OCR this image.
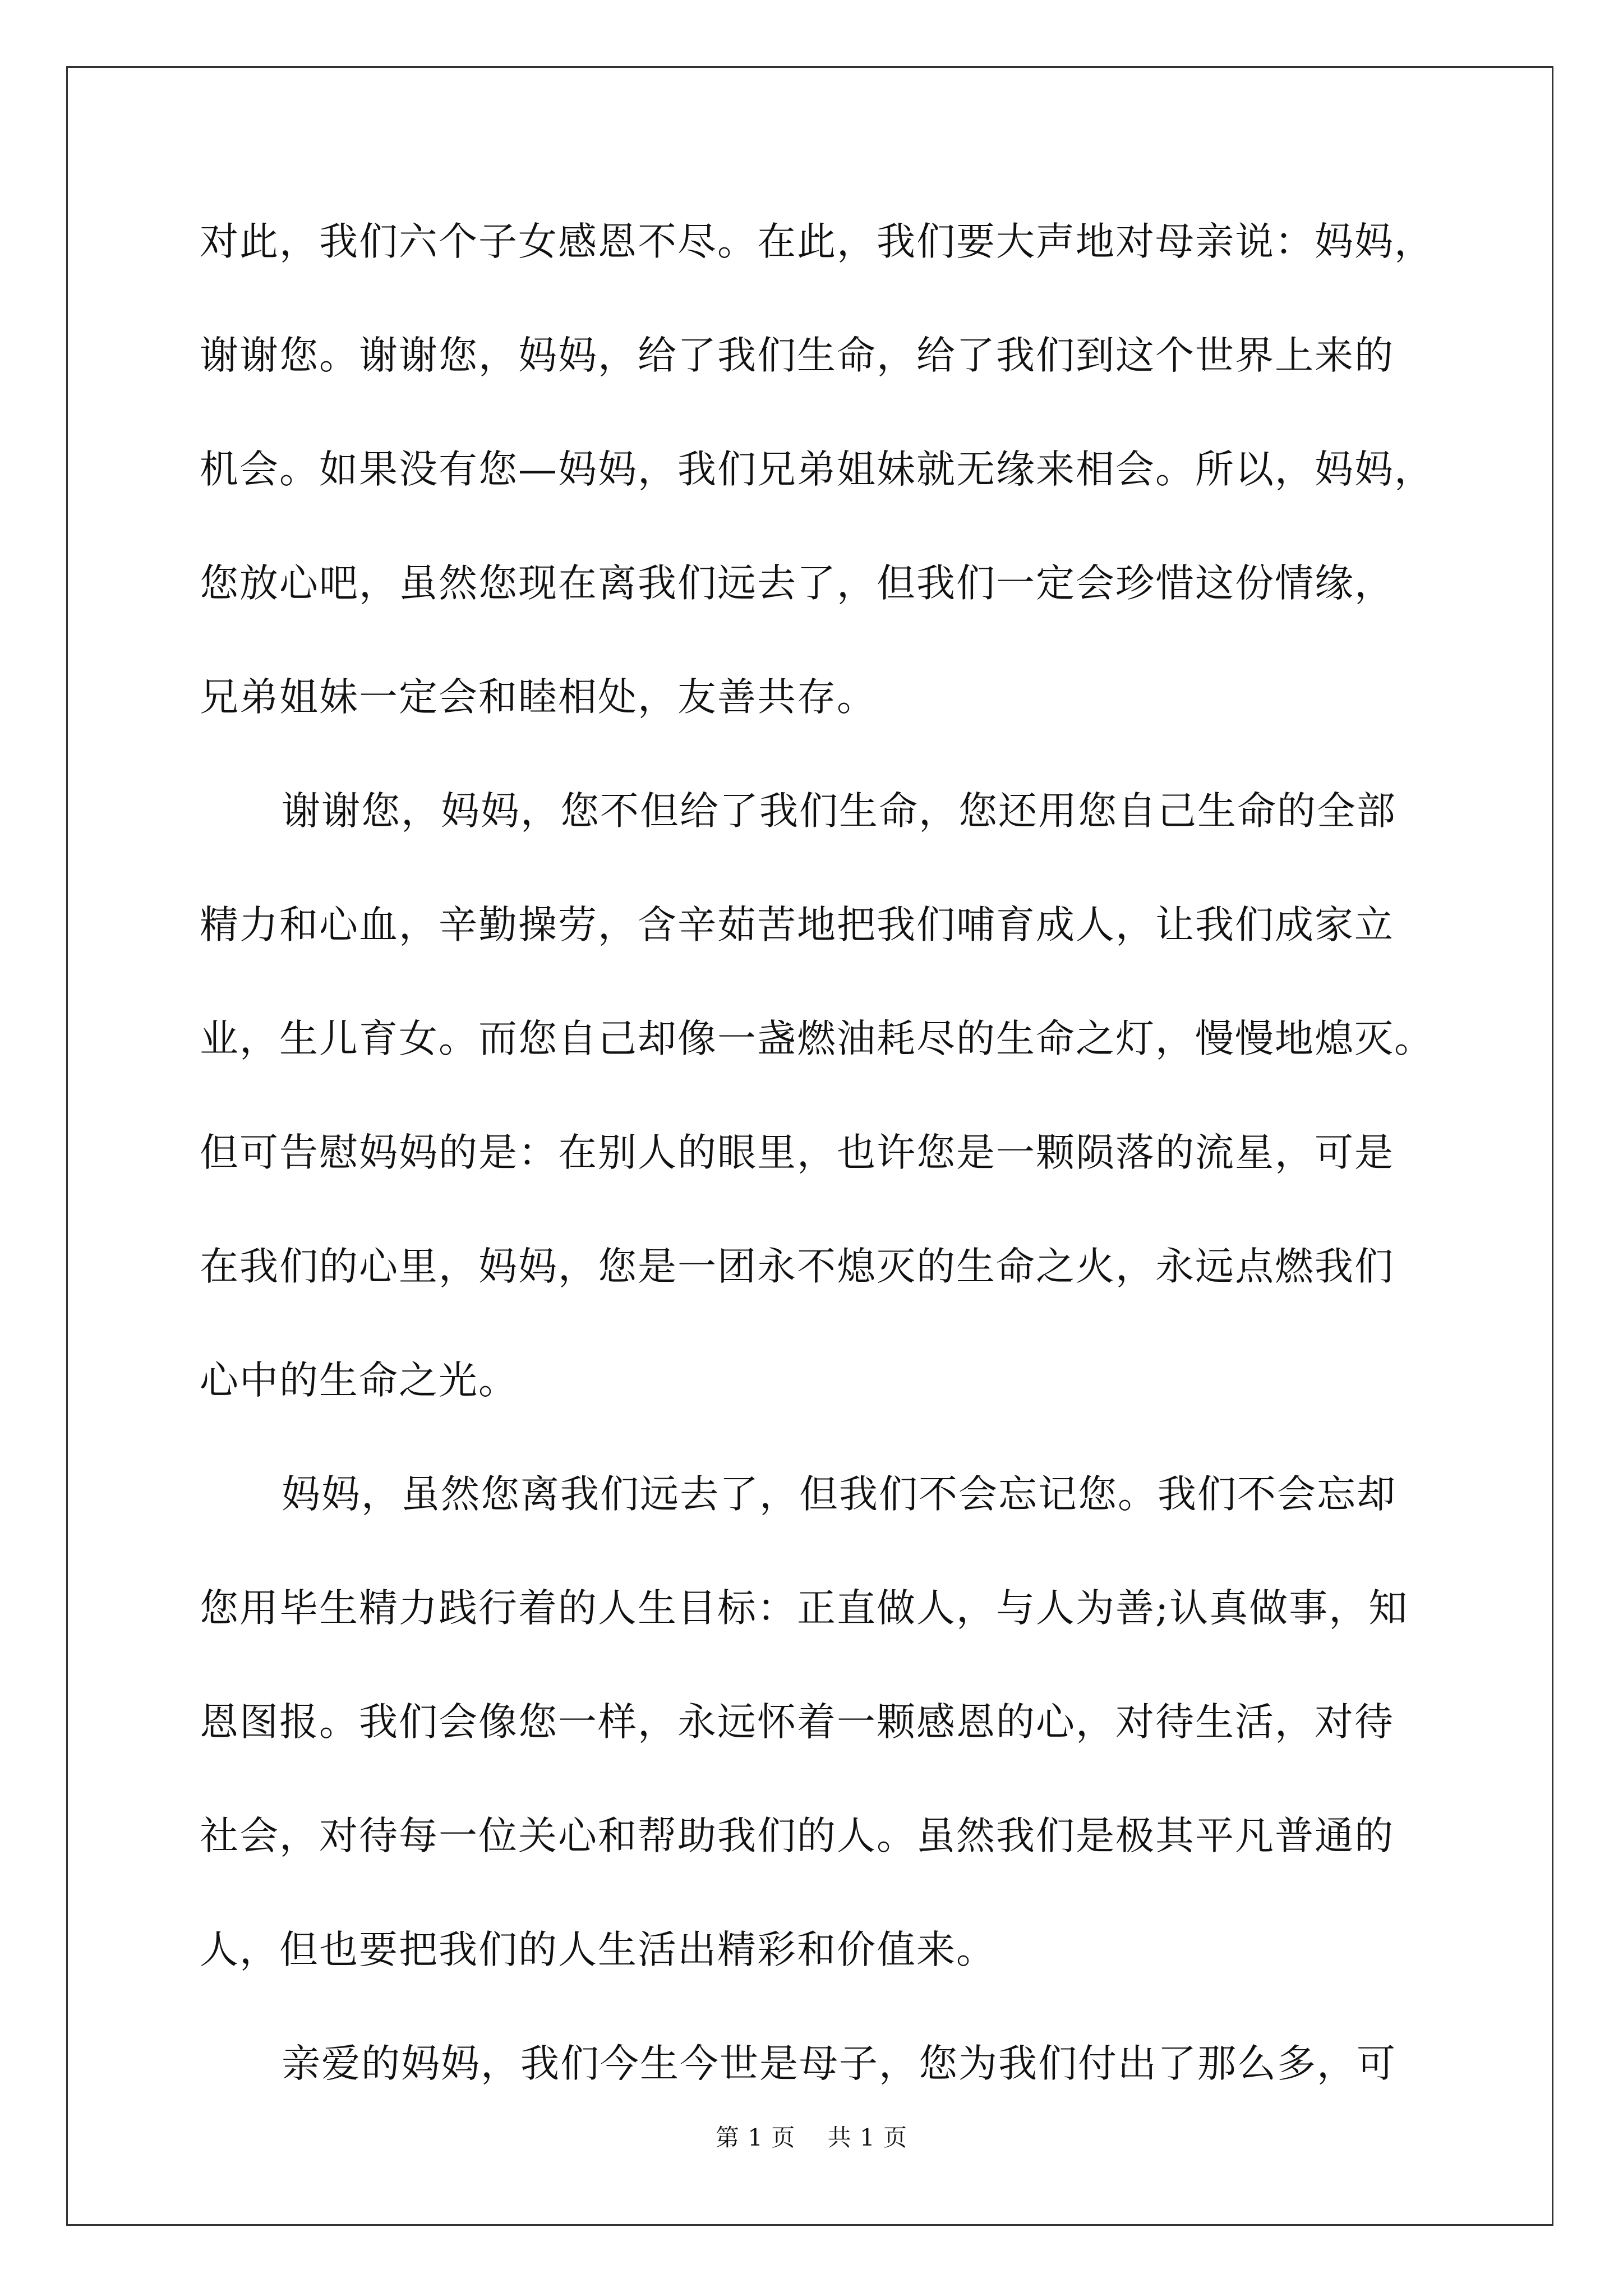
对此，我们六个子女感恩不尽。在此，我们要大声地对母亲说：妈妈，
谢谢您。谢谢您，妈妈，给了我们生命，给了我们到这个世界上来的
机会。如果没有您—妈妈，我们兄弟姐妹就无缘来相会。所以，妈妈，
您放心吧，虽然您现在离我们远去了，但我们一定会珍惜这份情缘，
兄弟姐妹一定会和睦相处，友善共存。

谢谢您，妈妈，您不但给了我们生命，您还用您自己生命的全部
精力和心血，辛勤操劳，含辛茹苦地把我们哺育成人，让我们成家立
业，生儿育女。而您自己却像一盏燃油耗尽的生命之灯，慢慢地熄灭。
但可告慰妈妈的是：在别人的眼里，也许您是一颗陨落的流星，可是
在我们的心里，妈妈，您是一团永不熄灭的生命之火，永远点燃我们
心中的生命之光。

妈妈，虽然您离我们远去了，但我们不会忘记您。我们不会忘却
您用毕生精力践行着的人生目标：正直做人，与人为善;认真做事，知
恩图报。我们会像您一样，永远怀着一颗感恩的心，对待生活，对待
社会，对待每一位关心和帮助我们的人。虽然我们是极其平凡普通的
人，但也要把我们的人生活出精彩和价值来。

亲爱的妈妈，我们今生今世是母子，您为我们付出了那么多，可

第 1 页　 共 1 页
